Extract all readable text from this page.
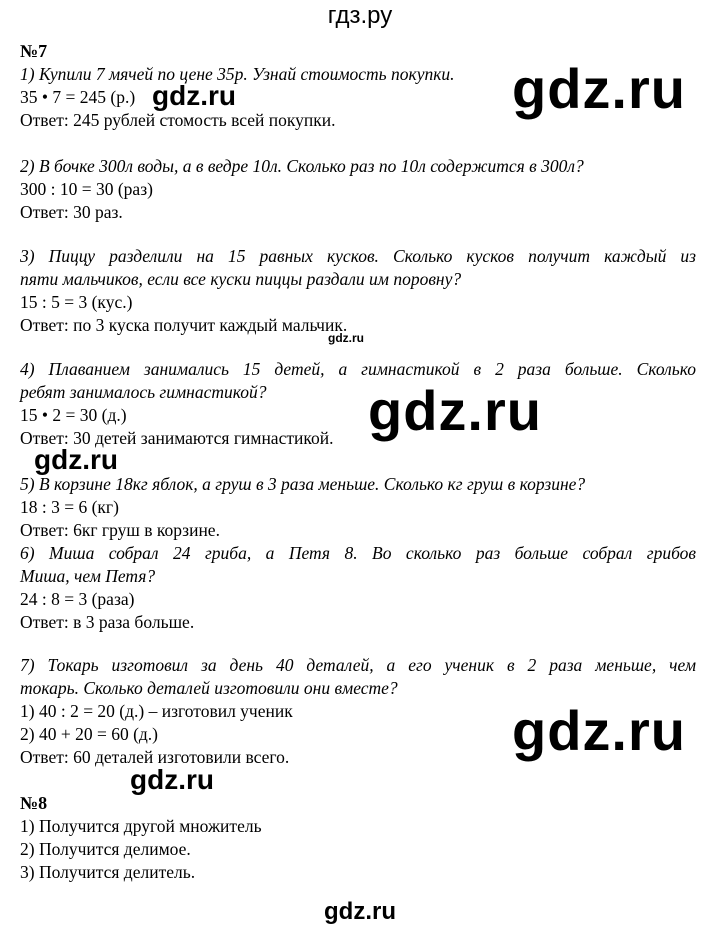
гдз.ру
№7
1) Купили 7 мячей по цене 35р. Узнай стоимость покупки.
35 • 7 = 245 (р.)
Ответ: 245 рублей стомость всей покупки.
2) В бочке 300л воды, а в ведре 10л. Сколько раз по 10л содержится в 300л?
300 : 10 = 30 (раз)
Ответ: 30 раз.
3) Пиццу разделили на 15 равных кусков. Сколько кусков получит каждый из
пяти мальчиков, если все куски пиццы раздали им поровну?
15 : 5 = 3 (кус.)
Ответ: по 3 куска получит каждый мальчик.
4) Плаванием занимались 15 детей, а гимнастикой в 2 раза больше. Сколько
ребят занималось гимнастикой?
15 • 2 = 30 (д.)
Ответ: 30 детей занимаются гимнастикой.
5) В корзине 18кг яблок, а груш в 3 раза меньше. Сколько кг груш в корзине?
18 : 3 = 6 (кг)
Ответ: 6кг груш в корзине.
6) Миша собрал 24 гриба, а Петя 8. Во сколько раз больше собрал грибов
Миша, чем Петя?
24 : 8 = 3 (раза)
Ответ: в 3 раза больше.
7) Токарь изготовил за день 40 деталей, а его ученик в 2 раза меньше, чем
токарь. Сколько деталей изготовили они вместе?
1) 40 : 2 = 20 (д.) – изготовил ученик
2) 40 + 20 = 60 (д.)
Ответ: 60 деталей изготовили всего.
№8
1) Получится другой множитель
2) Получится делимое.
3) Получится делитель.
gdz.ru
gdz.ru
gdz.ru
gdz.ru
gdz.ru
gdz.ru
gdz.ru
gdz.ru
